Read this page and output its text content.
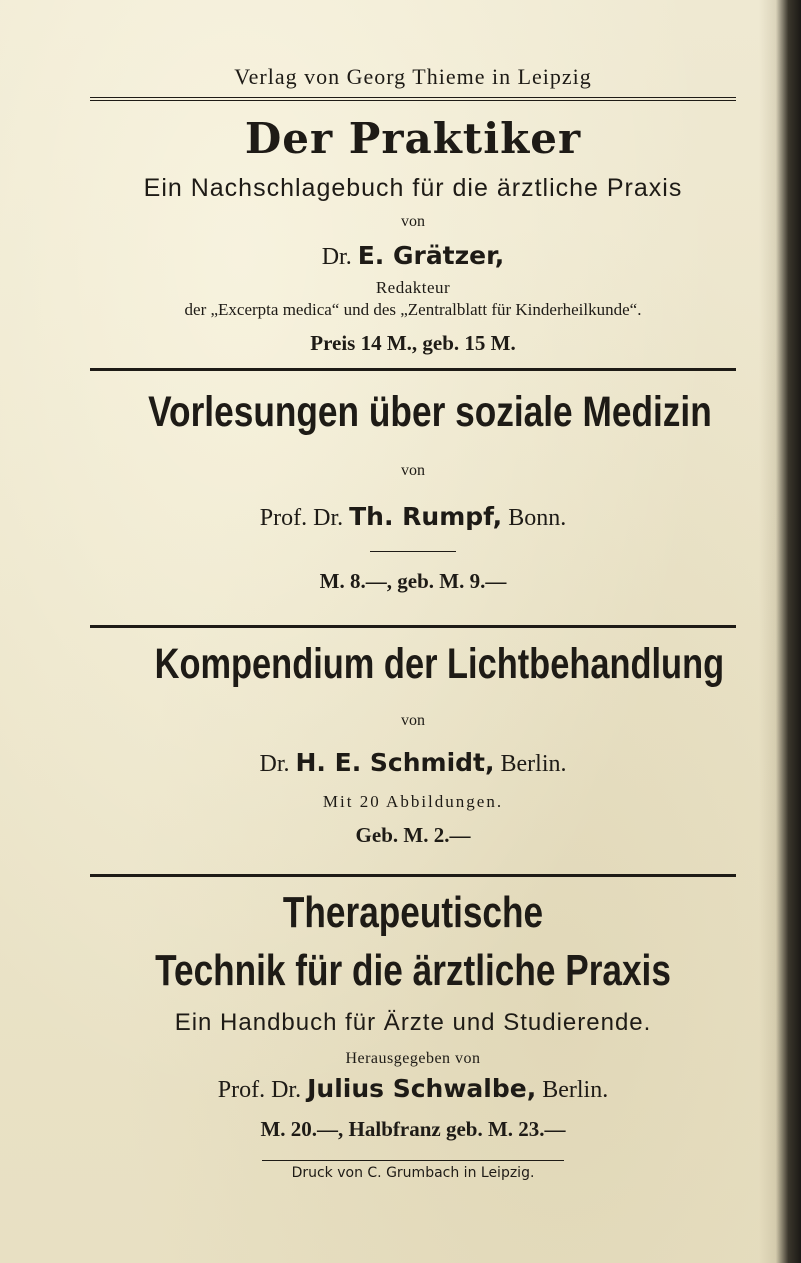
Verlag von Georg Thieme in Leipzig
Der Praktiker
Ein Nachschlagebuch für die ärztliche Praxis
von
Dr. E. Grätzer,
Redakteur
der „Excerpta medica“ und des „Zentralblatt für Kinderheilkunde“.
Preis 14 M., geb. 15 M.
Vorlesungen über soziale Medizin
von
Prof. Dr. Th. Rumpf, Bonn.
M. 8.—, geb. M. 9.—
Kompendium der Lichtbehandlung
von
Dr. H. E. Schmidt, Berlin.
Mit 20 Abbildungen.
Geb. M. 2.—
Therapeutische
Technik für die ärztliche Praxis
Ein Handbuch für Ärzte und Studierende.
Herausgegeben von
Prof. Dr. Julius Schwalbe, Berlin.
M. 20.—, Halbfranz geb. M. 23.—
Druck von C. Grumbach in Leipzig.
